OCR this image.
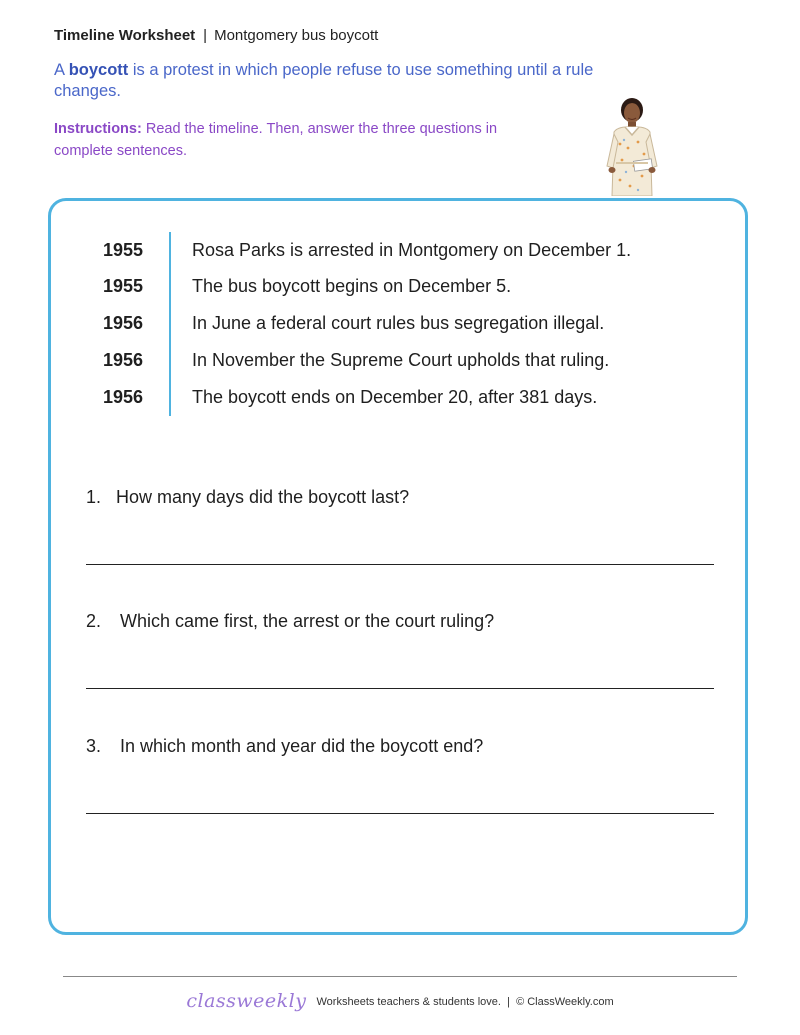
Timeline Worksheet | Montgomery bus boycott
A boycott is a protest in which people refuse to use something until a rule changes.
Instructions: Read the timeline. Then, answer the three questions in complete sentences.
1955	Rosa Parks is arrested in Montgomery on December 1.
1955	The bus boycott begins on December 5.
1956	In June a federal court rules bus segregation illegal.
1956	In November the Supreme Court upholds that ruling.
1956	The boycott ends on December 20, after 381 days.
1. How many days did the boycott last?
2. Which came first, the arrest or the court ruling?
3. In which month and year did the boycott end?
classweekly Worksheets teachers & students love. | © ClassWeekly.com
